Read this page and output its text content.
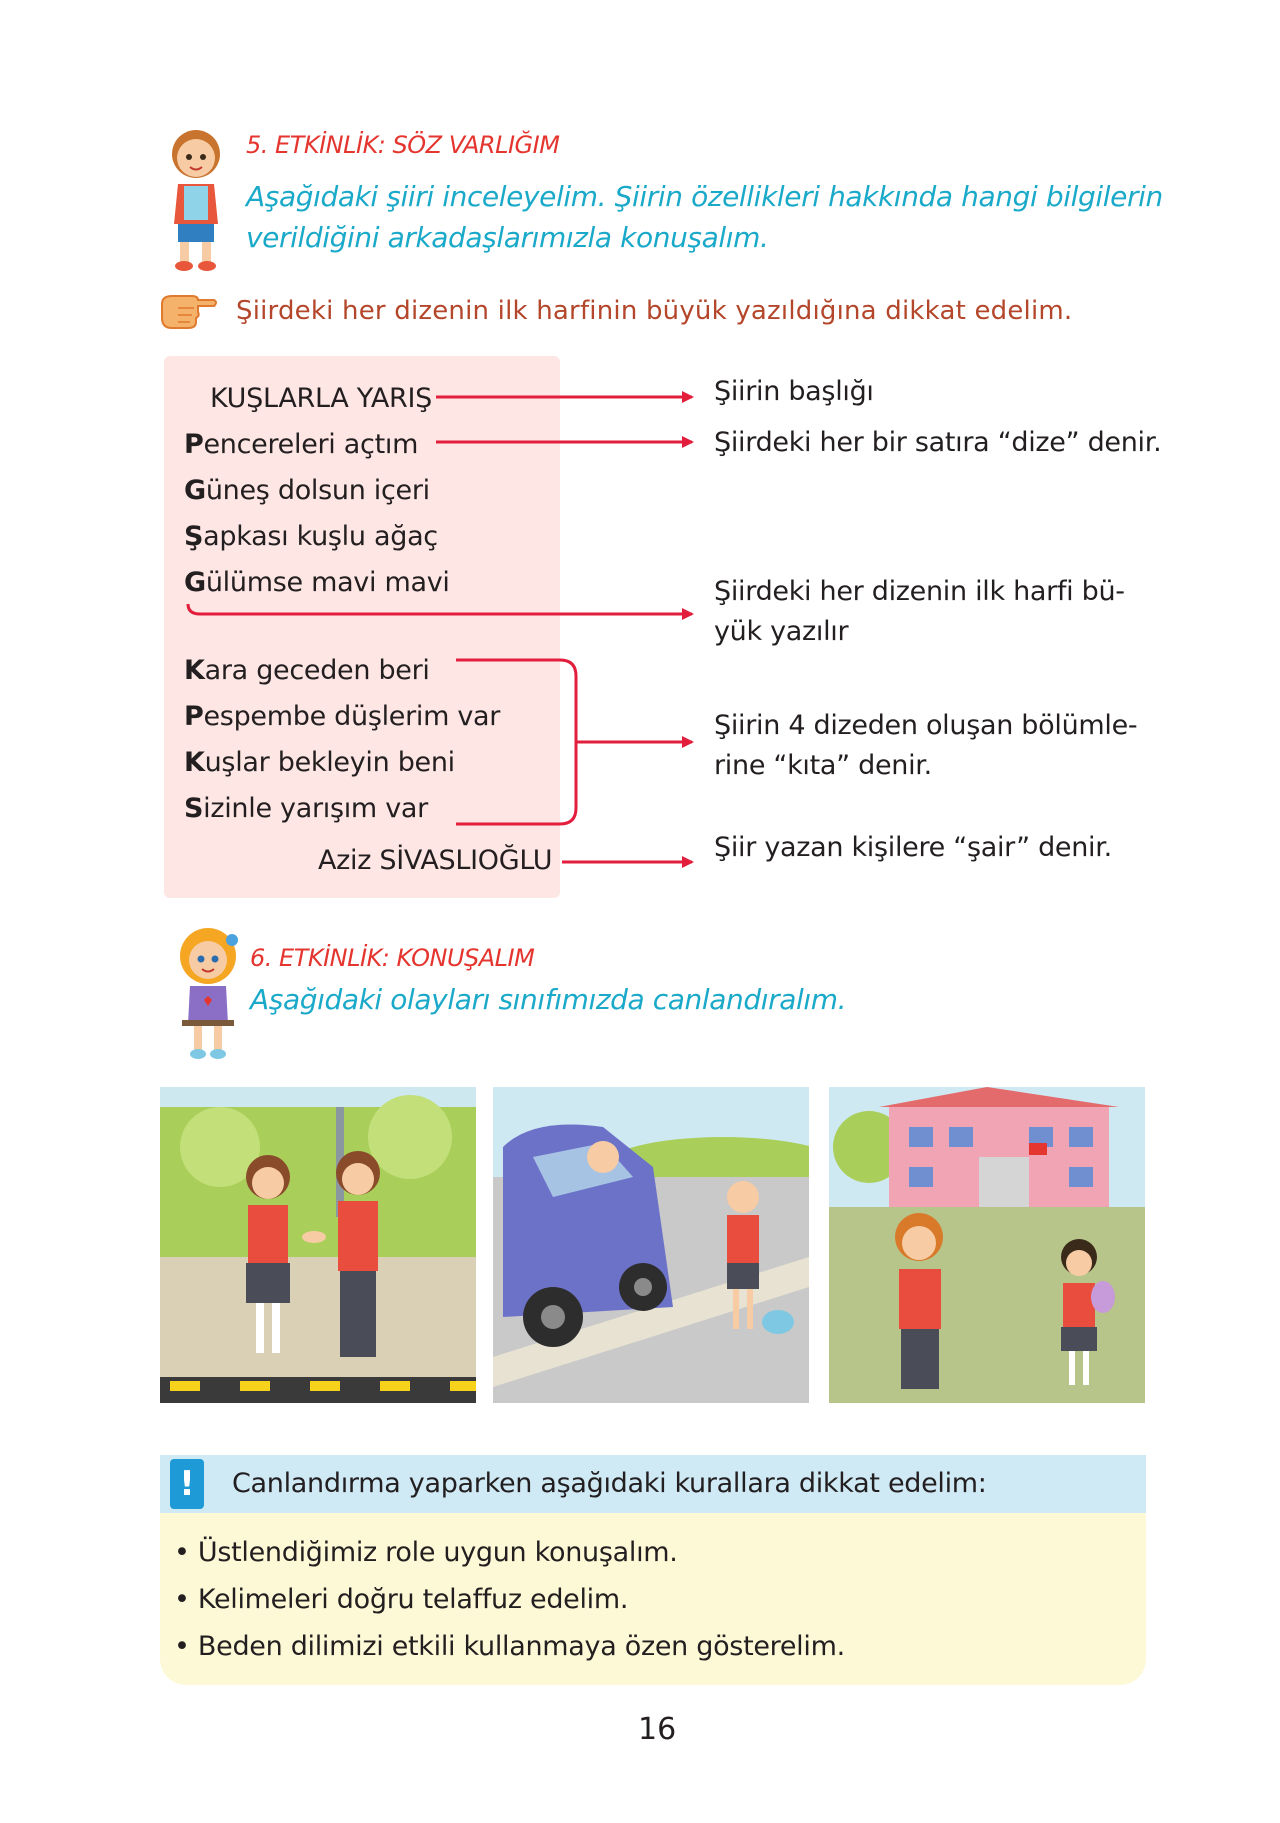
5. ETKİNLİK: SÖZ VARLIĞIM
Aşağıdaki şiiri inceleyelim. Şiirin özellikleri hakkında hangi bilgilerin
verildiğini arkadaşlarımızla konuşalım.
Şiirdeki her dizenin ilk harfinin büyük yazıldığına dikkat edelim.
KUŞLARLA YARIŞ
Pencereleri açtım
Güneş dolsun içeri
Şapkası kuşlu ağaç
Gülümse mavi mavi
Kara geceden beri
Pespembe düşlerim var
Kuşlar bekleyin beni
Sizinle yarışım var
Aziz SİVASLIOĞLU
Şiirin başlığı
Şiirdeki her bir satıra “dize” denir.
Şiirdeki her dizenin ilk harfi bü-
yük yazılır
Şiirin 4 dizeden oluşan bölümle-
rine “kıta” denir.
Şiir yazan kişilere “şair” denir.
6. ETKİNLİK: KONUŞALIM
Aşağıdaki olayları sınıfımızda canlandıralım.
!	Canlandırma yaparken aşağıdaki kurallara dikkat edelim:
• Üstlendiğimiz role uygun konuşalım.
• Kelimeleri doğru telaffuz edelim.
• Beden dilimizi etkili kullanmaya özen gösterelim.
16
